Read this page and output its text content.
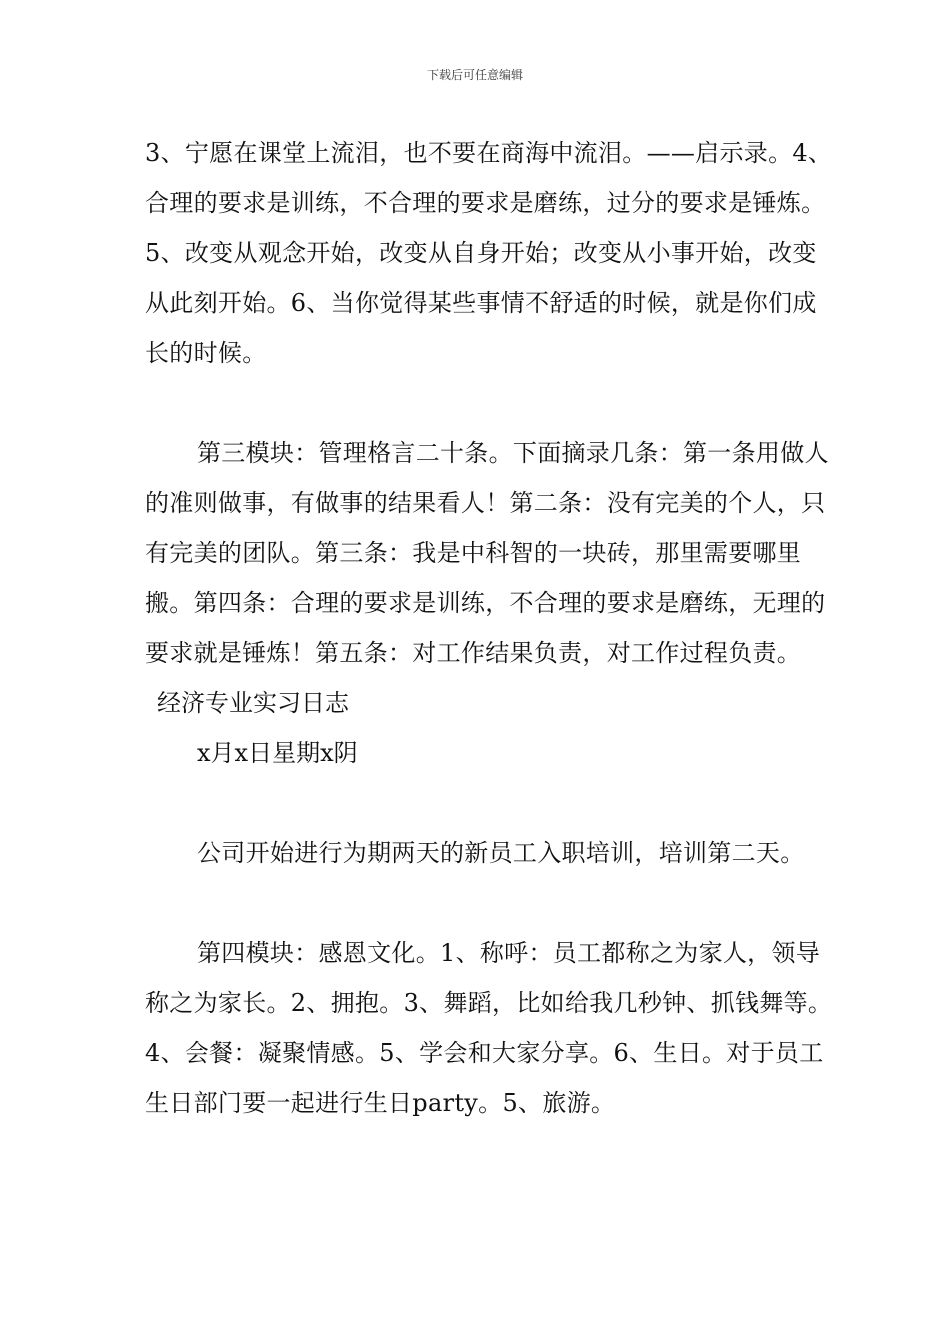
下载后可任意编辑

3、宁愿在课堂上流泪，也不要在商海中流泪。——启示录。4、合理的要求是训练，不合理的要求是磨练，过分的要求是锤炼。5、改变从观念开始，改变从自身开始；改变从小事开始，改变从此刻开始。6、当你觉得某些事情不舒适的时候，就是你们成长的时候。

第三模块：管理格言二十条。下面摘录几条：第一条用做人的准则做事，有做事的结果看人！第二条：没有完美的个人，只有完美的团队。第三条：我是中科智的一块砖，那里需要哪里搬。第四条：合理的要求是训练，不合理的要求是磨练，无理的要求就是锤炼！第五条：对工作结果负责，对工作过程负责。

经济专业实习日志

x月x日星期x阴

公司开始进行为期两天的新员工入职培训，培训第二天。

第四模块：感恩文化。1、称呼：员工都称之为家人，领导称之为家长。2、拥抱。3、舞蹈，比如给我几秒钟、抓钱舞等。4、会餐：凝聚情感。5、学会和大家分享。6、生日。对于员工生日部门要一起进行生日party。5、旅游。
